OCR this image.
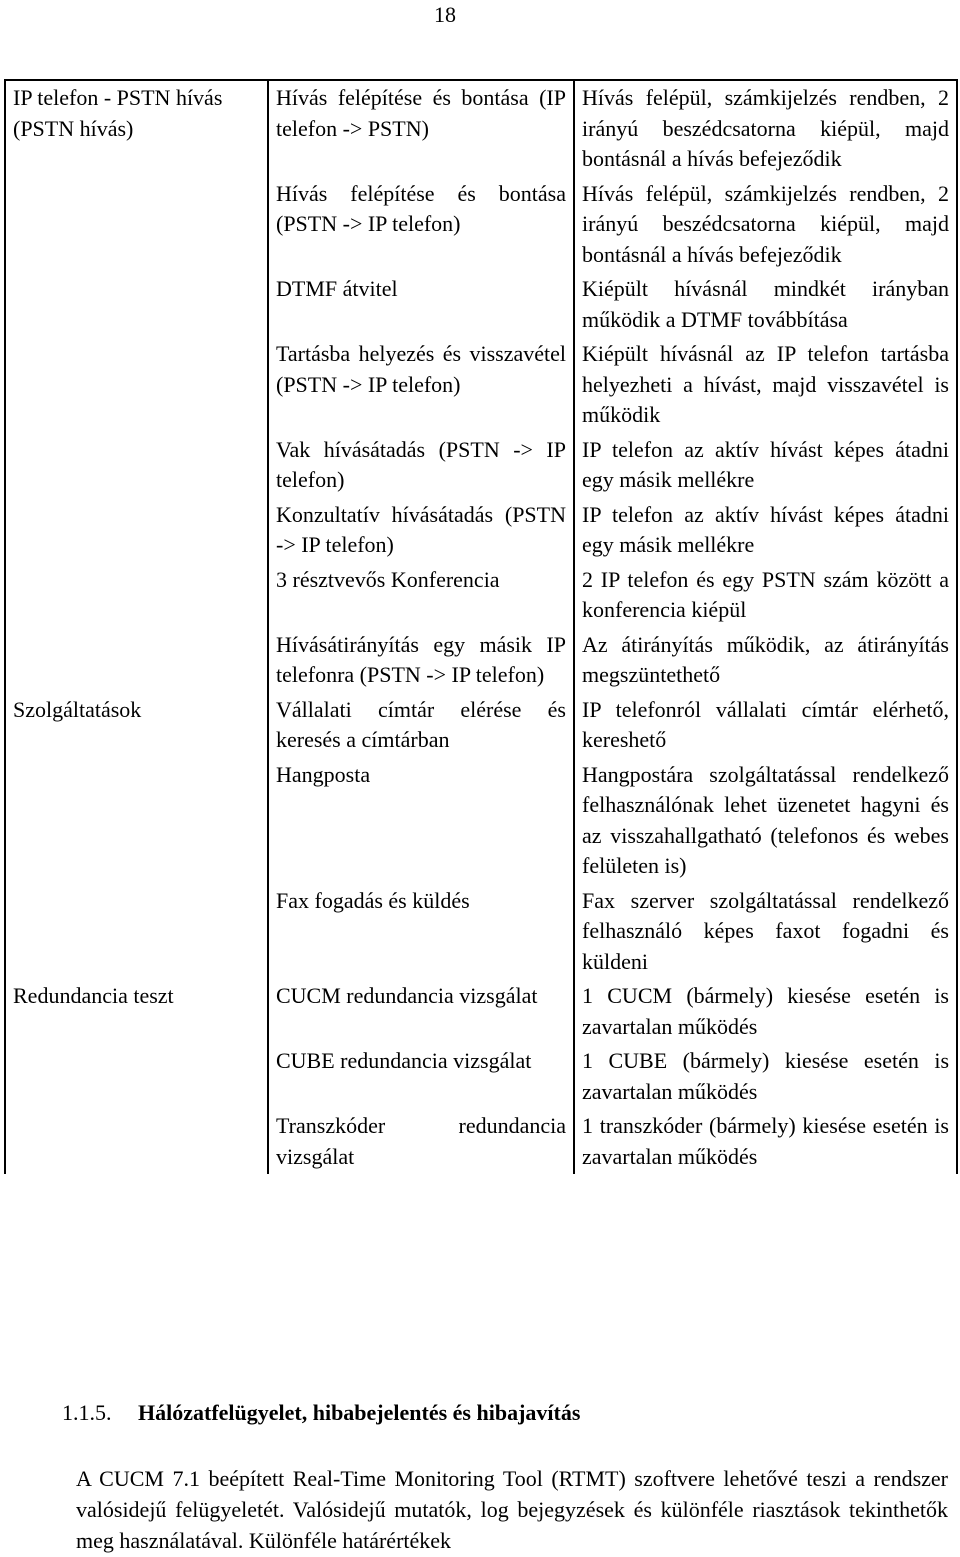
18
IP telefon - PSTN hívás (PSTN hívás)	Hívás felépítése és bontása (IP telefon -> PSTN)	Hívás felépül, számkijelzés rendben, 2 irányú beszédcsatorna kiépül, majd bontásnál a hívás befejeződik
	Hívás felépítése és bontása (PSTN -> IP telefon)	Hívás felépül, számkijelzés rendben, 2 irányú beszédcsatorna kiépül, majd bontásnál a hívás befejeződik
	DTMF átvitel	Kiépült hívásnál mindkét irányban működik a DTMF továbbítása
	Tartásba helyezés és visszavétel (PSTN -> IP telefon)	Kiépült hívásnál az IP telefon tartásba helyezheti a hívást, majd visszavétel is működik
	Vak hívásátadás (PSTN -> IP telefon)	IP telefon az aktív hívást képes átadni egy másik mellékre
	Konzultatív hívásátadás (PSTN -> IP telefon)	IP telefon az aktív hívást képes átadni egy másik mellékre
	3 résztvevős Konferencia	2 IP telefon és egy PSTN szám között a konferencia kiépül
	Hívásátirányítás egy másik IP telefonra (PSTN -> IP telefon)	Az átirányítás működik, az átirányítás megszüntethető
Szolgáltatások	Vállalati címtár elérése és keresés a címtárban	IP telefonról vállalati címtár elérhető, kereshető
	Hangposta	Hangpostára szolgáltatással rendelkező felhasználónak lehet üzenetet hagyni és az visszahallgatható (telefonos és webes felületen is)
	Fax fogadás és küldés	Fax szerver szolgáltatással rendelkező felhasználó képes faxot fogadni és küldeni
Redundancia teszt	CUCM redundancia vizsgálat	1 CUCM (bármely) kiesése esetén is zavartalan működés
	CUBE redundancia vizsgálat	1 CUBE (bármely) kiesése esetén is zavartalan működés
	Transzkóder redundancia vizsgálat	1 transzkóder (bármely) kiesése esetén is zavartalan működés
1.1.5. Hálózatfelügyelet, hibabejelentés és hibajavítás
A CUCM 7.1 beépített Real-Time Monitoring Tool (RTMT) szoftvere lehetővé teszi a rendszer valósidejű felügyeletét. Valósidejű mutatók, log bejegyzések és különféle riasztások tekinthetők meg használatával. Különféle határértékek
